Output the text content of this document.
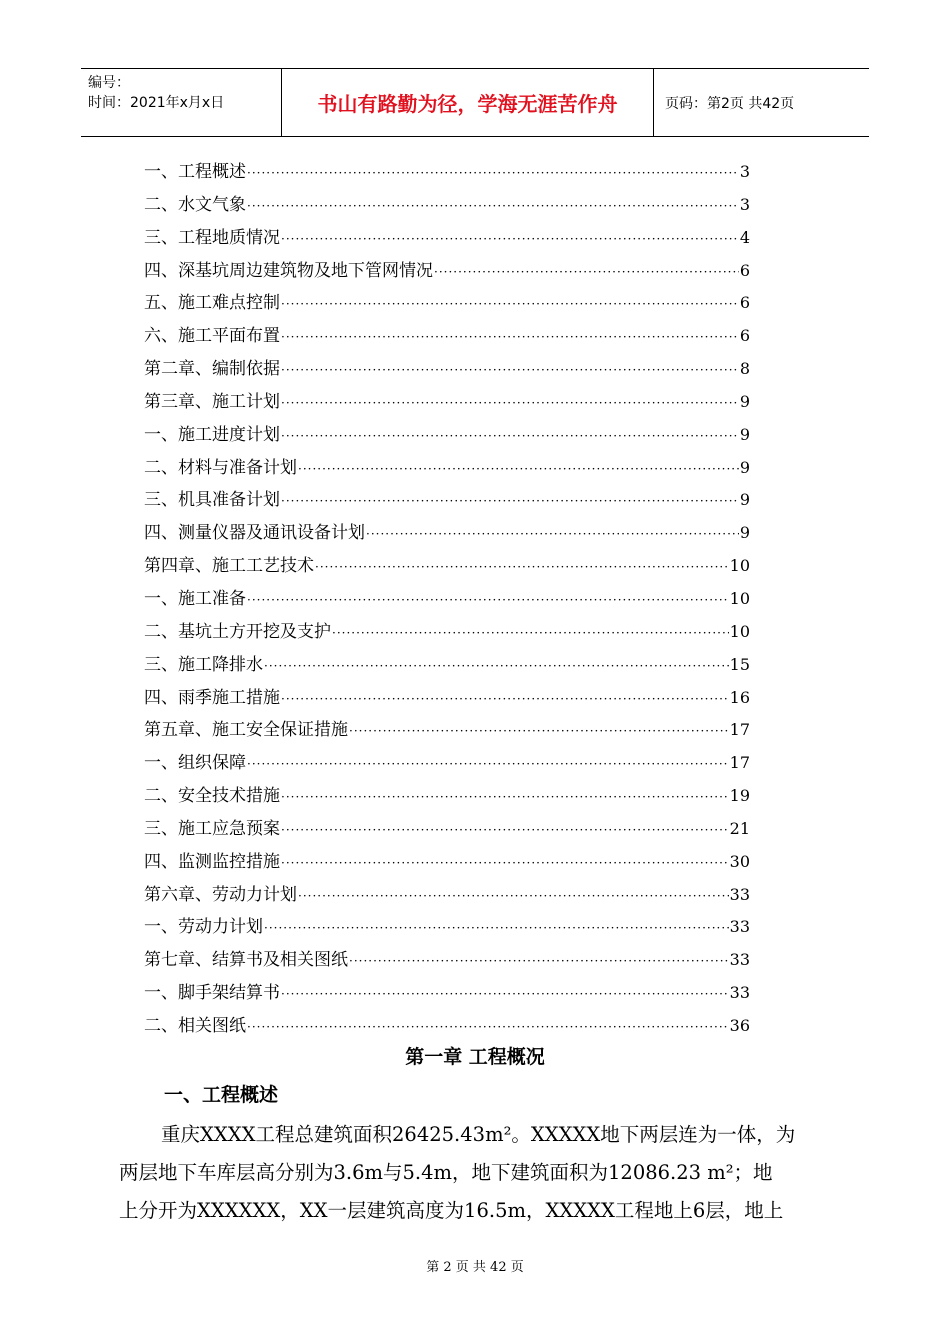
编号：
时间：2021年x月x日	书山有路勤为径，学海无涯苦作舟	页码：第2页 共42页
一、工程概述 ·····	3
二、水文气象 ·····	3
三、工程地质情况 ·····	4
四、深基坑周边建筑物及地下管网情况 ·····	6
五、施工难点控制 ·····	6
六、施工平面布置 ·····	6
第二章、编制依据 ·····	8
第三章、施工计划 ·····	9
一、施工进度计划 ·····	9
二、材料与准备计划 ·····	9
三、机具准备计划 ·····	9
四、测量仪器及通讯设备计划 ·····	9
第四章、施工工艺技术 ·····	10
一、施工准备 ·····	10
二、基坑土方开挖及支护 ·····	10
三、施工降排水 ·····	15
四、雨季施工措施 ·····	16
第五章、施工安全保证措施 ·····	17
一、组织保障 ·····	17
二、安全技术措施 ·····	19
三、施工应急预案 ·····	21
四、监测监控措施 ·····	30
第六章、劳动力计划 ·····	33
一、劳动力计划 ·····	33
第七章、结算书及相关图纸 ·····	33
一、脚手架结算书 ·····	33
二、相关图纸 ·····	36
第一章 工程概况
一、工程概述
重庆XXXX工程总建筑面积26425.43m²。XXXXX地下两层连为一体，为
两层地下车库层高分别为3.6m与5.4m，地下建筑面积为12086.23 m²；地
上分开为XXXXXX，XX一层建筑高度为16.5m，XXXXX工程地上6层，地上
第 2 页 共 42 页
